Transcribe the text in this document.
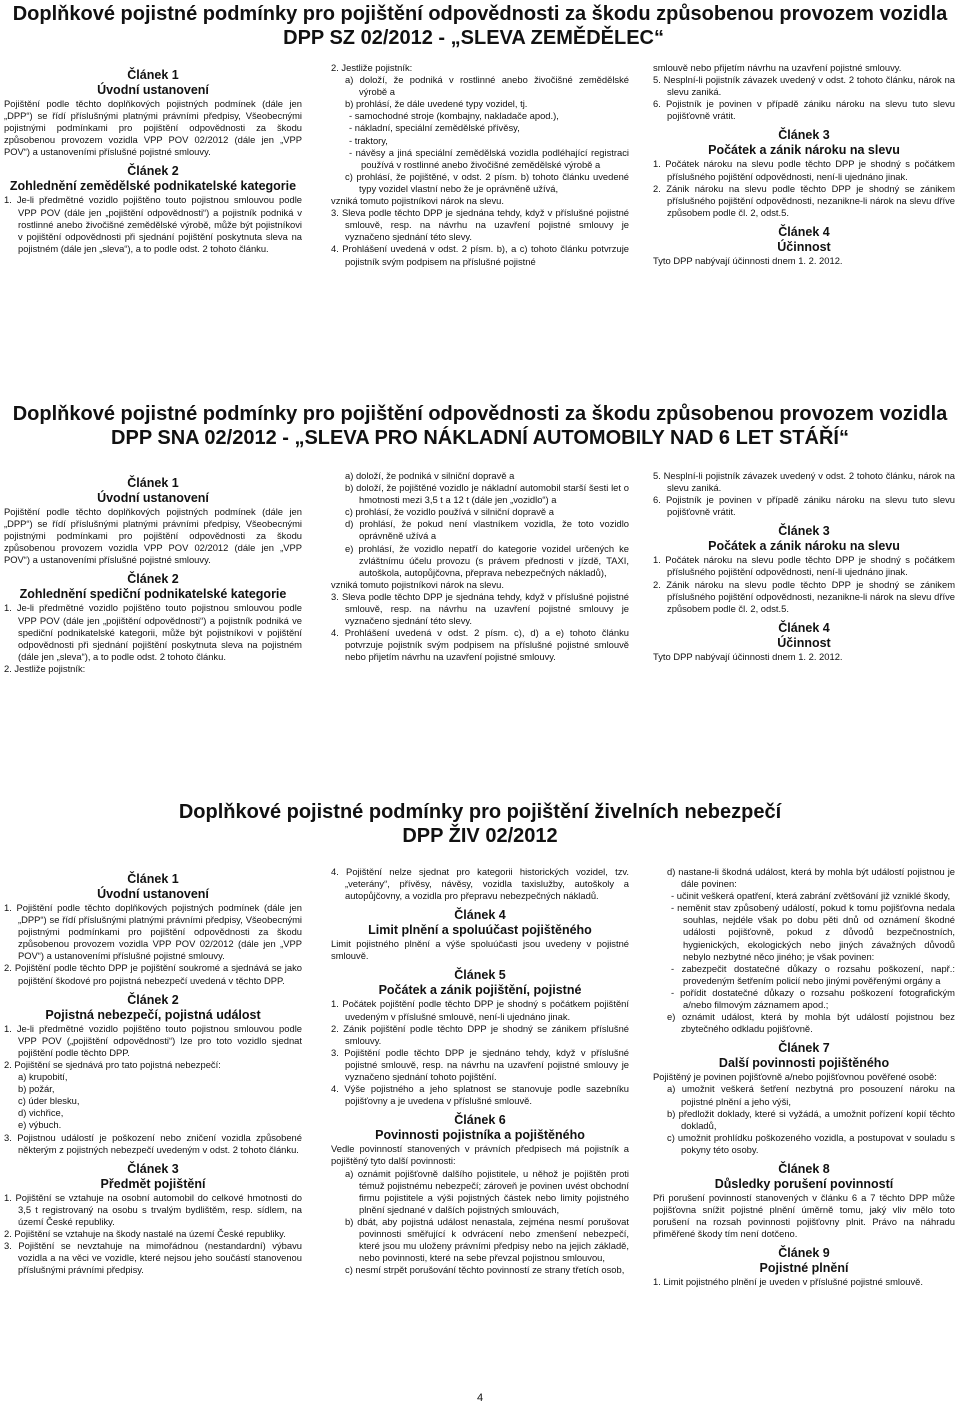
Doplňkové pojistné podmínky pro pojištění odpovědnosti za škodu způsobenou provozem vozidla

DPP SZ 02/2012 - „SLEVA ZEMĚDĚLEC“

Článek 1
Úvodní ustanovení

Pojištění podle těchto doplňkových pojistných podmínek (dále jen „DPP“) se řídí příslušnými platnými právními předpisy, Všeobecnými pojistnými podmínkami pro pojištění odpovědnosti za škodu způsobenou provozem vozidla VPP POV 02/2012 (dále jen „VPP POV“) a ustanoveními příslušné pojistné smlouvy.

Článek 2
Zohlednění zemědělské podnikatelské kategorie

1. Je-li předmětné vozidlo pojištěno touto pojistnou smlouvou podle VPP POV (dále jen „pojištění odpovědnosti“) a pojistník podniká v rostlinné anebo živočišné zemědělské výrobě, může být pojistníkovi v pojištění odpovědnosti při sjednání pojištění poskytnuta sleva na pojistném (dále jen „sleva“), a to podle odst. 2 tohoto článku.

2. Jestliže pojistník:

a) doloží, že podniká v rostlinné anebo živočišné zemědělské výrobě a

b) prohlásí, že dále uvedené typy vozidel, tj.

- samochodné stroje (kombajny, nakladače apod.),

- nákladní, speciální zemědělské přívěsy,

- traktory,

- návěsy a jiná speciální zemědělská vozidla podléhající registraci používá v rostlinné anebo živočišné zemědělské výrobě a

c) prohlásí, že pojištěné, v odst. 2 písm. b) tohoto článku uvedené typy vozidel vlastní nebo že je oprávněně užívá,

vzniká tomuto pojistníkovi nárok na slevu.

3. Sleva podle těchto DPP je sjednána tehdy, když v příslušné pojistné smlouvě, resp. na návrhu na uzavření pojistné smlouvy je vyznačeno sjednání této slevy.

4. Prohlášení uvedená v odst. 2 písm. b), a c) tohoto článku potvrzuje pojistník svým podpisem na příslušné pojistné

smlouvě nebo přijetím návrhu na uzavření pojistné smlouvy.

5. Nesplní-li pojistník závazek uvedený v odst. 2 tohoto článku, nárok na slevu zaniká.

6. Pojistník je povinen v případě zániku nároku na slevu tuto slevu pojišťovně vrátit.

Článek 3
Počátek a zánik nároku na slevu

1. Počátek nároku na slevu podle těchto DPP je shodný s počátkem příslušného pojištění odpovědnosti, není-li ujednáno jinak.

2. Zánik nároku na slevu podle těchto DPP je shodný se zánikem příslušného pojištění odpovědnosti, nezanikne-li nárok na slevu dříve způsobem podle čl. 2, odst.5.

Článek 4
Účinnost

Tyto DPP nabývají účinnosti dnem 1. 2. 2012.

Doplňkové pojistné podmínky pro pojištění odpovědnosti za škodu způsobenou provozem vozidla

DPP SNA 02/2012 - „SLEVA PRO NÁKLADNÍ AUTOMOBILY NAD 6 LET STÁŘÍ“

Článek 1
Úvodní ustanovení

Pojištění podle těchto doplňkových pojistných podmínek (dále jen „DPP“) se řídí příslušnými platnými právními předpisy, Všeobecnými pojistnými podmínkami pro pojištění odpovědnosti za škodu způsobenou provozem vozidla VPP POV 02/2012 (dále jen „VPP POV“) a ustanoveními příslušné pojistné smlouvy.

Článek 2
Zohlednění spediční podnikatelské kategorie

1. Je-li předmětné vozidlo pojištěno touto pojistnou smlouvou podle VPP POV (dále jen „pojištění odpovědnosti“) a pojistník podniká ve spediční podnikatelské kategorii, může být pojistníkovi v pojištění odpovědnosti při sjednání pojištění poskytnuta sleva na pojistném (dále jen „sleva“), a to podle odst. 2 tohoto článku.

2. Jestliže pojistník:

a) doloží, že podniká v silniční dopravě a

b) doloží, že pojištěné vozidlo je nákladní automobil starší šesti let o hmotnosti mezi 3,5 t a 12 t (dále jen „vozidlo“) a

c) prohlásí, že vozidlo používá v silniční dopravě a

d) prohlásí, že pokud není vlastníkem vozidla, že toto vozidlo oprávněně užívá a

e) prohlásí, že vozidlo nepatří do kategorie vozidel určených ke zvláštnímu účelu provozu (s právem přednosti v jízdě, TAXI, autoškola, autopůjčovna, přeprava nebezpečných nákladů),

vzniká tomuto pojistníkovi nárok na slevu.

3. Sleva podle těchto DPP je sjednána tehdy, když v příslušné pojistné smlouvě, resp. na návrhu na uzavření pojistné smlouvy je vyznačeno sjednání této slevy.

4. Prohlášení uvedená v odst. 2 písm. c), d) a e) tohoto článku potvrzuje pojistník svým podpisem na příslušné pojistné smlouvě nebo přijetím návrhu na uzavření pojistné smlouvy.

5. Nesplní-li pojistník závazek uvedený v odst. 2 tohoto článku, nárok na slevu zaniká.

6. Pojistník je povinen v případě zániku nároku na slevu tuto slevu pojišťovně vrátit.

Článek 3
Počátek a zánik nároku na slevu

1. Počátek nároku na slevu podle těchto DPP je shodný s počátkem příslušného pojištění odpovědnosti, není-li ujednáno jinak.

2. Zánik nároku na slevu podle těchto DPP je shodný se zánikem příslušného pojištění odpovědnosti, nezanikne-li nárok na slevu dříve způsobem podle čl. 2, odst.5.

Článek 4
Účinnost

Tyto DPP nabývají účinnosti dnem 1. 2. 2012.

Doplňkové pojistné podmínky pro pojištění živelních nebezpečí

DPP ŽIV 02/2012

Článek 1
Úvodní ustanovení

1. Pojištění podle těchto doplňkových pojistných podmínek (dále jen „DPP“) se řídí příslušnými platnými právními předpisy, Všeobecnými pojistnými podmínkami pro pojištění odpovědnosti za škodu způsobenou provozem vozidla VPP POV 02/2012 (dále jen „VPP POV“) a ustanoveními příslušné pojistné smlouvy.

2. Pojištění podle těchto DPP je pojištění soukromé a sjednává se jako pojištění škodové pro pojistná nebezpečí uvedená v těchto DPP.

Článek 2
Pojistná nebezpečí, pojistná událost

1. Je-li předmětné vozidlo pojištěno touto pojistnou smlouvou podle VPP POV („pojištění odpovědnosti“) lze pro toto vozidlo sjednat pojištění podle těchto DPP.

2. Pojištění se sjednává pro tato pojistná nebezpečí:

a) krupobití,

b) požár,

c) úder blesku,

d) vichřice,

e) výbuch.

3. Pojistnou událostí je poškození nebo zničení vozidla způsobené některým z pojistných nebezpečí uvedeným v odst. 2 tohoto článku.

Článek 3
Předmět pojištění

1. Pojištění se vztahuje na osobní automobil do celkové hmotnosti do 3,5 t registrovaný na osobu s trvalým bydlištěm, resp. sídlem, na území České republiky.

2. Pojištění se vztahuje na škody nastalé na území České republiky.

3. Pojištění se nevztahuje na mimořádnou (nestandardní) výbavu vozidla a na věci ve vozidle, které nejsou jeho součástí stanovenou příslušnými právními předpisy.

4. Pojištění nelze sjednat pro kategorii historických vozidel, tzv. „veterány“, přívěsy, návěsy, vozidla taxislužby, autoškoly a autopůjčovny, a vozidla pro přepravu nebezpečných nákladů.

Článek 4
Limit plnění a spoluúčast pojištěného

Limit pojistného plnění a výše spoluúčasti jsou uvedeny v pojistné smlouvě.

Článek 5
Počátek a zánik pojištění, pojistné

1. Počátek pojištění podle těchto DPP je shodný s počátkem pojištění uvedeným v příslušné smlouvě, není-li ujednáno jinak.

2. Zánik pojištění podle těchto DPP je shodný se zánikem příslušné smlouvy.

3. Pojištění podle těchto DPP je sjednáno tehdy, když v příslušné pojistné smlouvě, resp. na návrhu na uzavření pojistné smlouvy je vyznačeno sjednání tohoto pojištění.

4. Výše pojistného a jeho splatnost se stanovuje podle sazebníku pojišťovny a je uvedena v příslušné smlouvě.

Článek 6
Povinnosti pojistníka a pojištěného

Vedle povinností stanovených v právních předpisech má pojistník a pojištěný tyto další povinnosti:

a) oznámit pojišťovně dalšího pojistitele, u něhož je pojištěn proti témuž pojistnému nebezpečí; zároveň je povinen uvést obchodní firmu pojistitele a výši pojistných částek nebo limity pojistného plnění sjednané v dalších pojistných smlouvách,

b) dbát, aby pojistná událost nenastala, zejména nesmí porušovat povinnosti směřující k odvrácení nebo zmenšení nebezpečí, které jsou mu uloženy právními předpisy nebo na jejich základě, nebo povinnosti, které na sebe převzal pojistnou smlouvou,

c) nesmí strpět porušování těchto povinností ze strany třetích osob,

d) nastane-li škodná událost, která by mohla být událostí pojistnou je dále povinen:

- učinit veškerá opatření, která zabrání zvětšování již vzniklé škody,

- neměnit stav způsobený událostí, pokud k tomu pojišťovna nedala souhlas, nejdéle však po dobu pěti dnů od oznámení škodné události pojišťovně, pokud z důvodů bezpečnostních, hygienických, ekologických nebo jiných závažných důvodů nebylo nezbytné něco jiného; je však povinen:

- zabezpečit dostatečné důkazy o rozsahu poškození, např.: provedeným šetřením policií nebo jinými pověřenými orgány a

- pořídit dostatečné důkazy o rozsahu poškození fotografickým a/nebo filmovým záznamem apod.;

e) oznámit událost, která by mohla být událostí pojistnou bez zbytečného odkladu pojišťovně.

Článek 7
Další povinnosti pojištěného

Pojištěný je povinen pojišťovně a/nebo pojišťovnou pověřené osobě:

a) umožnit veškerá šetření nezbytná pro posouzení nároku na pojistné plnění a jeho výši,

b) předložit doklady, které si vyžádá, a umožnit pořízení kopií těchto dokladů,

c) umožnit prohlídku poškozeného vozidla, a postupovat v souladu s pokyny této osoby.

Článek 8
Důsledky porušení povinností

Při porušení povinností stanovených v článku 6 a 7 těchto DPP může pojišťovna snížit pojistné plnění úměrně tomu, jaký vliv mělo toto porušení na rozsah povinnosti pojišťovny plnit. Právo na náhradu přiměřené škody tím není dotčeno.

Článek 9
Pojistné plnění

1. Limit pojistného plnění je uveden v příslušné pojistné smlouvě.

4
